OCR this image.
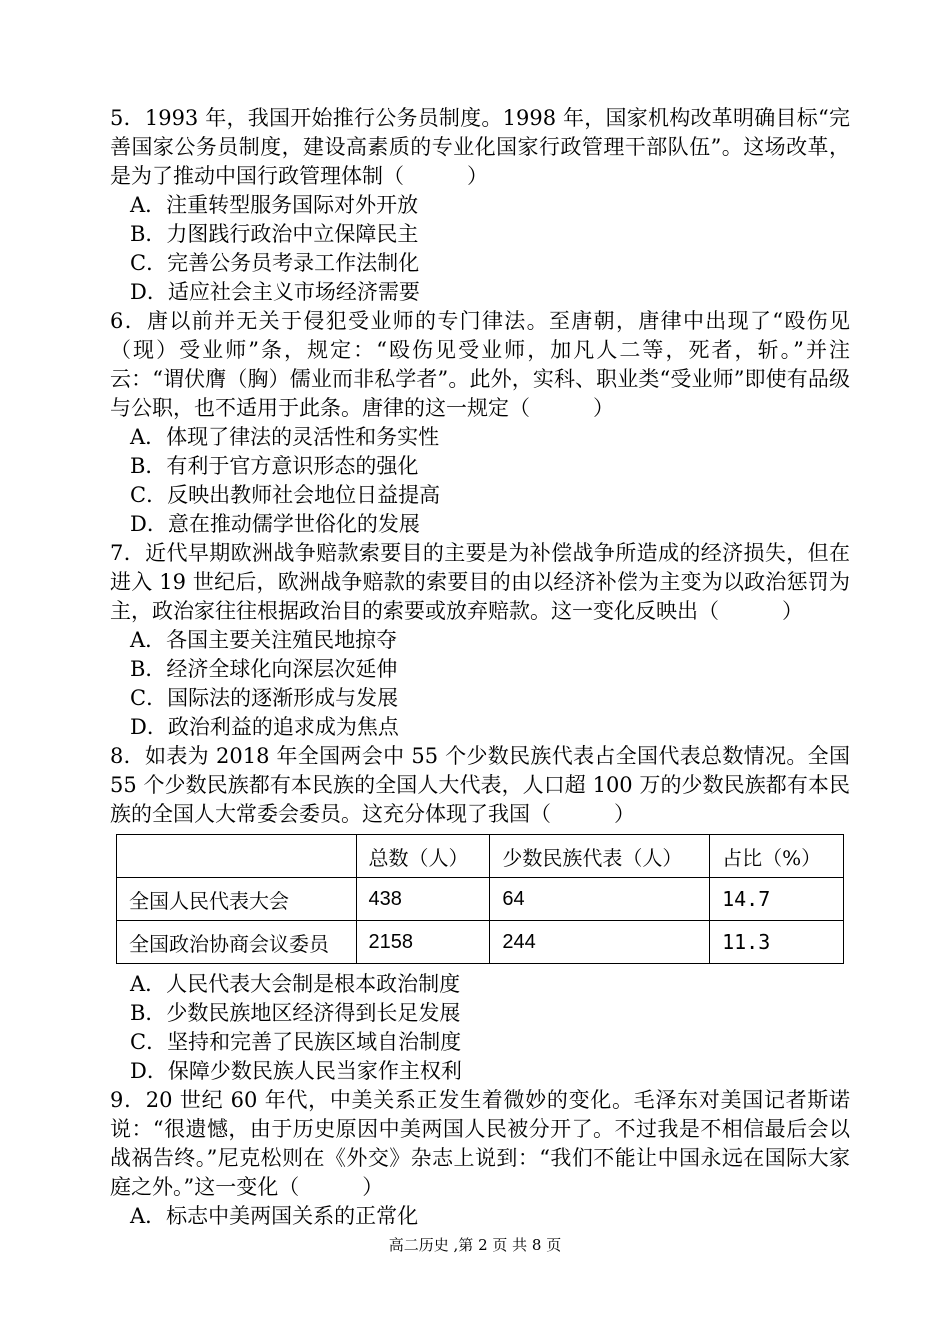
5．1993 年，我国开始推行公务员制度。1998 年，国家机构改革明确目标“完善国家公务员制度，建设高素质的专业化国家行政管理干部队伍”。这场改革，是为了推动中国行政管理体制（　　　）

A．注重转型服务国际对外开放

B．力图践行政治中立保障民主

C．完善公务员考录工作法制化

D．适应社会主义市场经济需要

6．唐以前并无关于侵犯受业师的专门律法。至唐朝，唐律中出现了“殴伤见（现）受业师”条，规定：“殴伤见受业师，加凡人二等，死者，斩。”并注云：“谓伏膺（胸）儒业而非私学者”。此外，实科、职业类“受业师”即使有品级与公职，也不适用于此条。唐律的这一规定（　　　）

A．体现了律法的灵活性和务实性

B．有利于官方意识形态的强化

C．反映出教师社会地位日益提高

D．意在推动儒学世俗化的发展

7．近代早期欧洲战争赔款索要目的主要是为补偿战争所造成的经济损失，但在进入 19 世纪后，欧洲战争赔款的索要目的由以经济补偿为主变为以政治惩罚为主，政治家往往根据政治目的索要或放弃赔款。这一变化反映出（　　　）

A．各国主要关注殖民地掠夺

B．经济全球化向深层次延伸

C．国际法的逐渐形成与发展

D．政治利益的追求成为焦点

8．如表为 2018 年全国两会中 55 个少数民族代表占全国代表总数情况。全国 55 个少数民族都有本民族的全国人大代表，人口超 100 万的少数民族都有本民族的全国人大常委会委员。这充分体现了我国（　　　）

	总数（人）	少数民族代表（人）	占比（%）
全国人民代表大会	438	64	14.7
全国政治协商会议委员	2158	244	11.3

A．人民代表大会制是根本政治制度

B．少数民族地区经济得到长足发展

C．坚持和完善了民族区域自治制度

D．保障少数民族人民当家作主权利

9．20 世纪 60 年代，中美关系正发生着微妙的变化。毛泽东对美国记者斯诺说：“很遗憾，由于历史原因中美两国人民被分开了。不过我是不相信最后会以战祸告终。”尼克松则在《外交》杂志上说到：“我们不能让中国永远在国际大家庭之外。”这一变化（　　　）

A．标志中美两国关系的正常化

高二历史 ,第 2 页 共 8 页
